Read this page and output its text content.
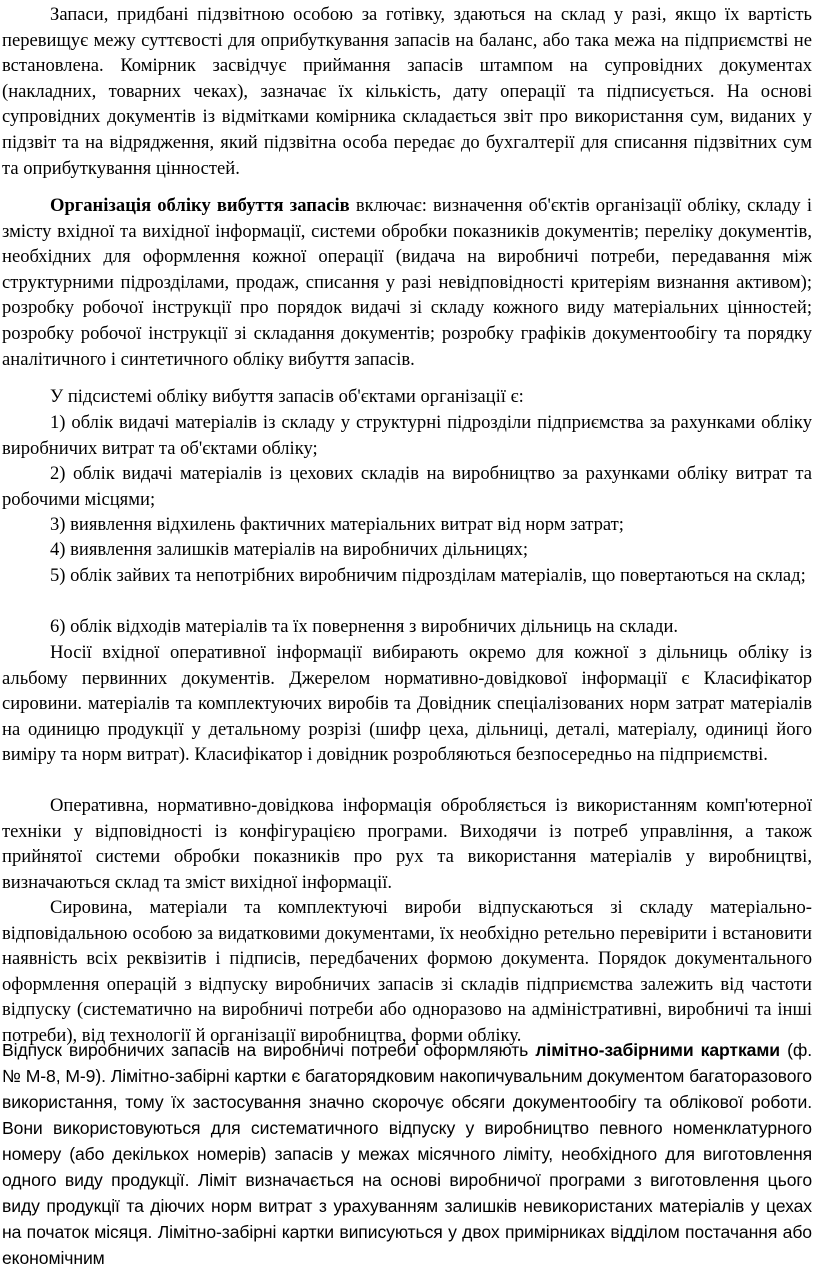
Запаси, придбані підзвітною особою за готівку, здаються на склад у разі, якщо їх вартість перевищує межу суттєвості для оприбуткування запасів на баланс, або така межа на підприємстві не встановлена. Комірник засвідчує приймання запасів штампом на супровідних документах (накладних, товарних чеках), зазначає їх кількість, дату операції та підписується. На основі супровідних документів із відмітками комірника складається звіт про використання сум, виданих у підзвіт та на відрядження, який підзвітна особа передає до бухгалтерії для списання підзвітних сум та оприбуткування цінностей.

Організація обліку вибуття запасів включає: визначення об'єктів організації обліку, складу і змісту вхідної та вихідної інформації, системи обробки показників документів; переліку документів, необхідних для оформлення кожної операції (видача на виробничі потреби, передавання між структурними підрозділами, продаж, списання у разі невідповідності критеріям визнання активом); розробку робочої інструкції про порядок видачі зі складу кожного виду матеріальних цінностей; розробку робочої інструкції зі складання документів; розробку графіків документообігу та порядку аналітичного і синтетичного обліку вибуття запасів.

У підсистемі обліку вибуття запасів об'єктами організації є:

1) облік видачі матеріалів із складу у структурні підрозділи підприємства за рахунками обліку виробничих витрат та об'єктами обліку;

2) облік видачі матеріалів із цехових складів на виробництво за рахунками обліку витрат та робочими місцями;

3) виявлення відхилень фактичних матеріальних витрат від норм затрат;

4) виявлення залишків матеріалів на виробничих дільницях;

5) облік зайвих та непотрібних виробничим підрозділам матеріалів, що повертаються на склад;

6) облік відходів матеріалів та їх повернення з виробничих дільниць на склади.

Носії вхідної оперативної інформації вибирають окремо для кожної з дільниць обліку із альбому первинних документів. Джерелом нормативно-довідкової інформації є Класифікатор сировини. матеріалів та комплектуючих виробів та Довідник спеціалізованих норм затрат матеріалів на одиницю продукції у детальному розрізі (шифр цеха, дільниці, деталі, матеріалу, одиниці його виміру та норм витрат). Класифікатор і довідник розробляються безпосередньо на підприємстві.

Оперативна, нормативно-довідкова інформація обробляється із використанням комп'ютерної техніки у відповідності із конфігурацією програми. Виходячи із потреб управління, а також прийнятої системи обробки показників про рух та використання матеріалів у виробництві, визначаються склад та зміст вихідної інформації.

Сировина, матеріали та комплектуючі вироби відпускаються зі складу матеріально-відповідальною особою за видатковими документами, їх необхідно ретельно перевірити і встановити наявність всіх реквізитів і підписів, передбачених формою документа. Порядок документального оформлення операцій з відпуску виробничих запасів зі складів підприємства залежить від частоти відпуску (систематично на виробничі потреби або одноразово на адміністративні, виробничі та інші потреби), від технології й організації виробництва, форми обліку.

Відпуск виробничих запасів на виробничі потреби оформляють лімітно-забірними картками (ф. № М-8, М-9). Лімітно-забірні картки є багаторядковим накопичувальним документом багаторазового використання, тому їх застосування значно скорочує обсяги документообігу та облікової роботи. Вони використовуються для систематичного відпуску у виробництво певного номенклатурного номеру (або декількох номерів) запасів у межах місячного ліміту, необхідного для виготовлення одного виду продукції. Ліміт визначається на основі виробничої програми з виготовлення цього виду продукції та діючих норм витрат з урахуванням залишків невикористаних матеріалів у цехах на початок місяця. Лімітно-забірні картки виписуються у двох примірниках відділом постачання або економічним
